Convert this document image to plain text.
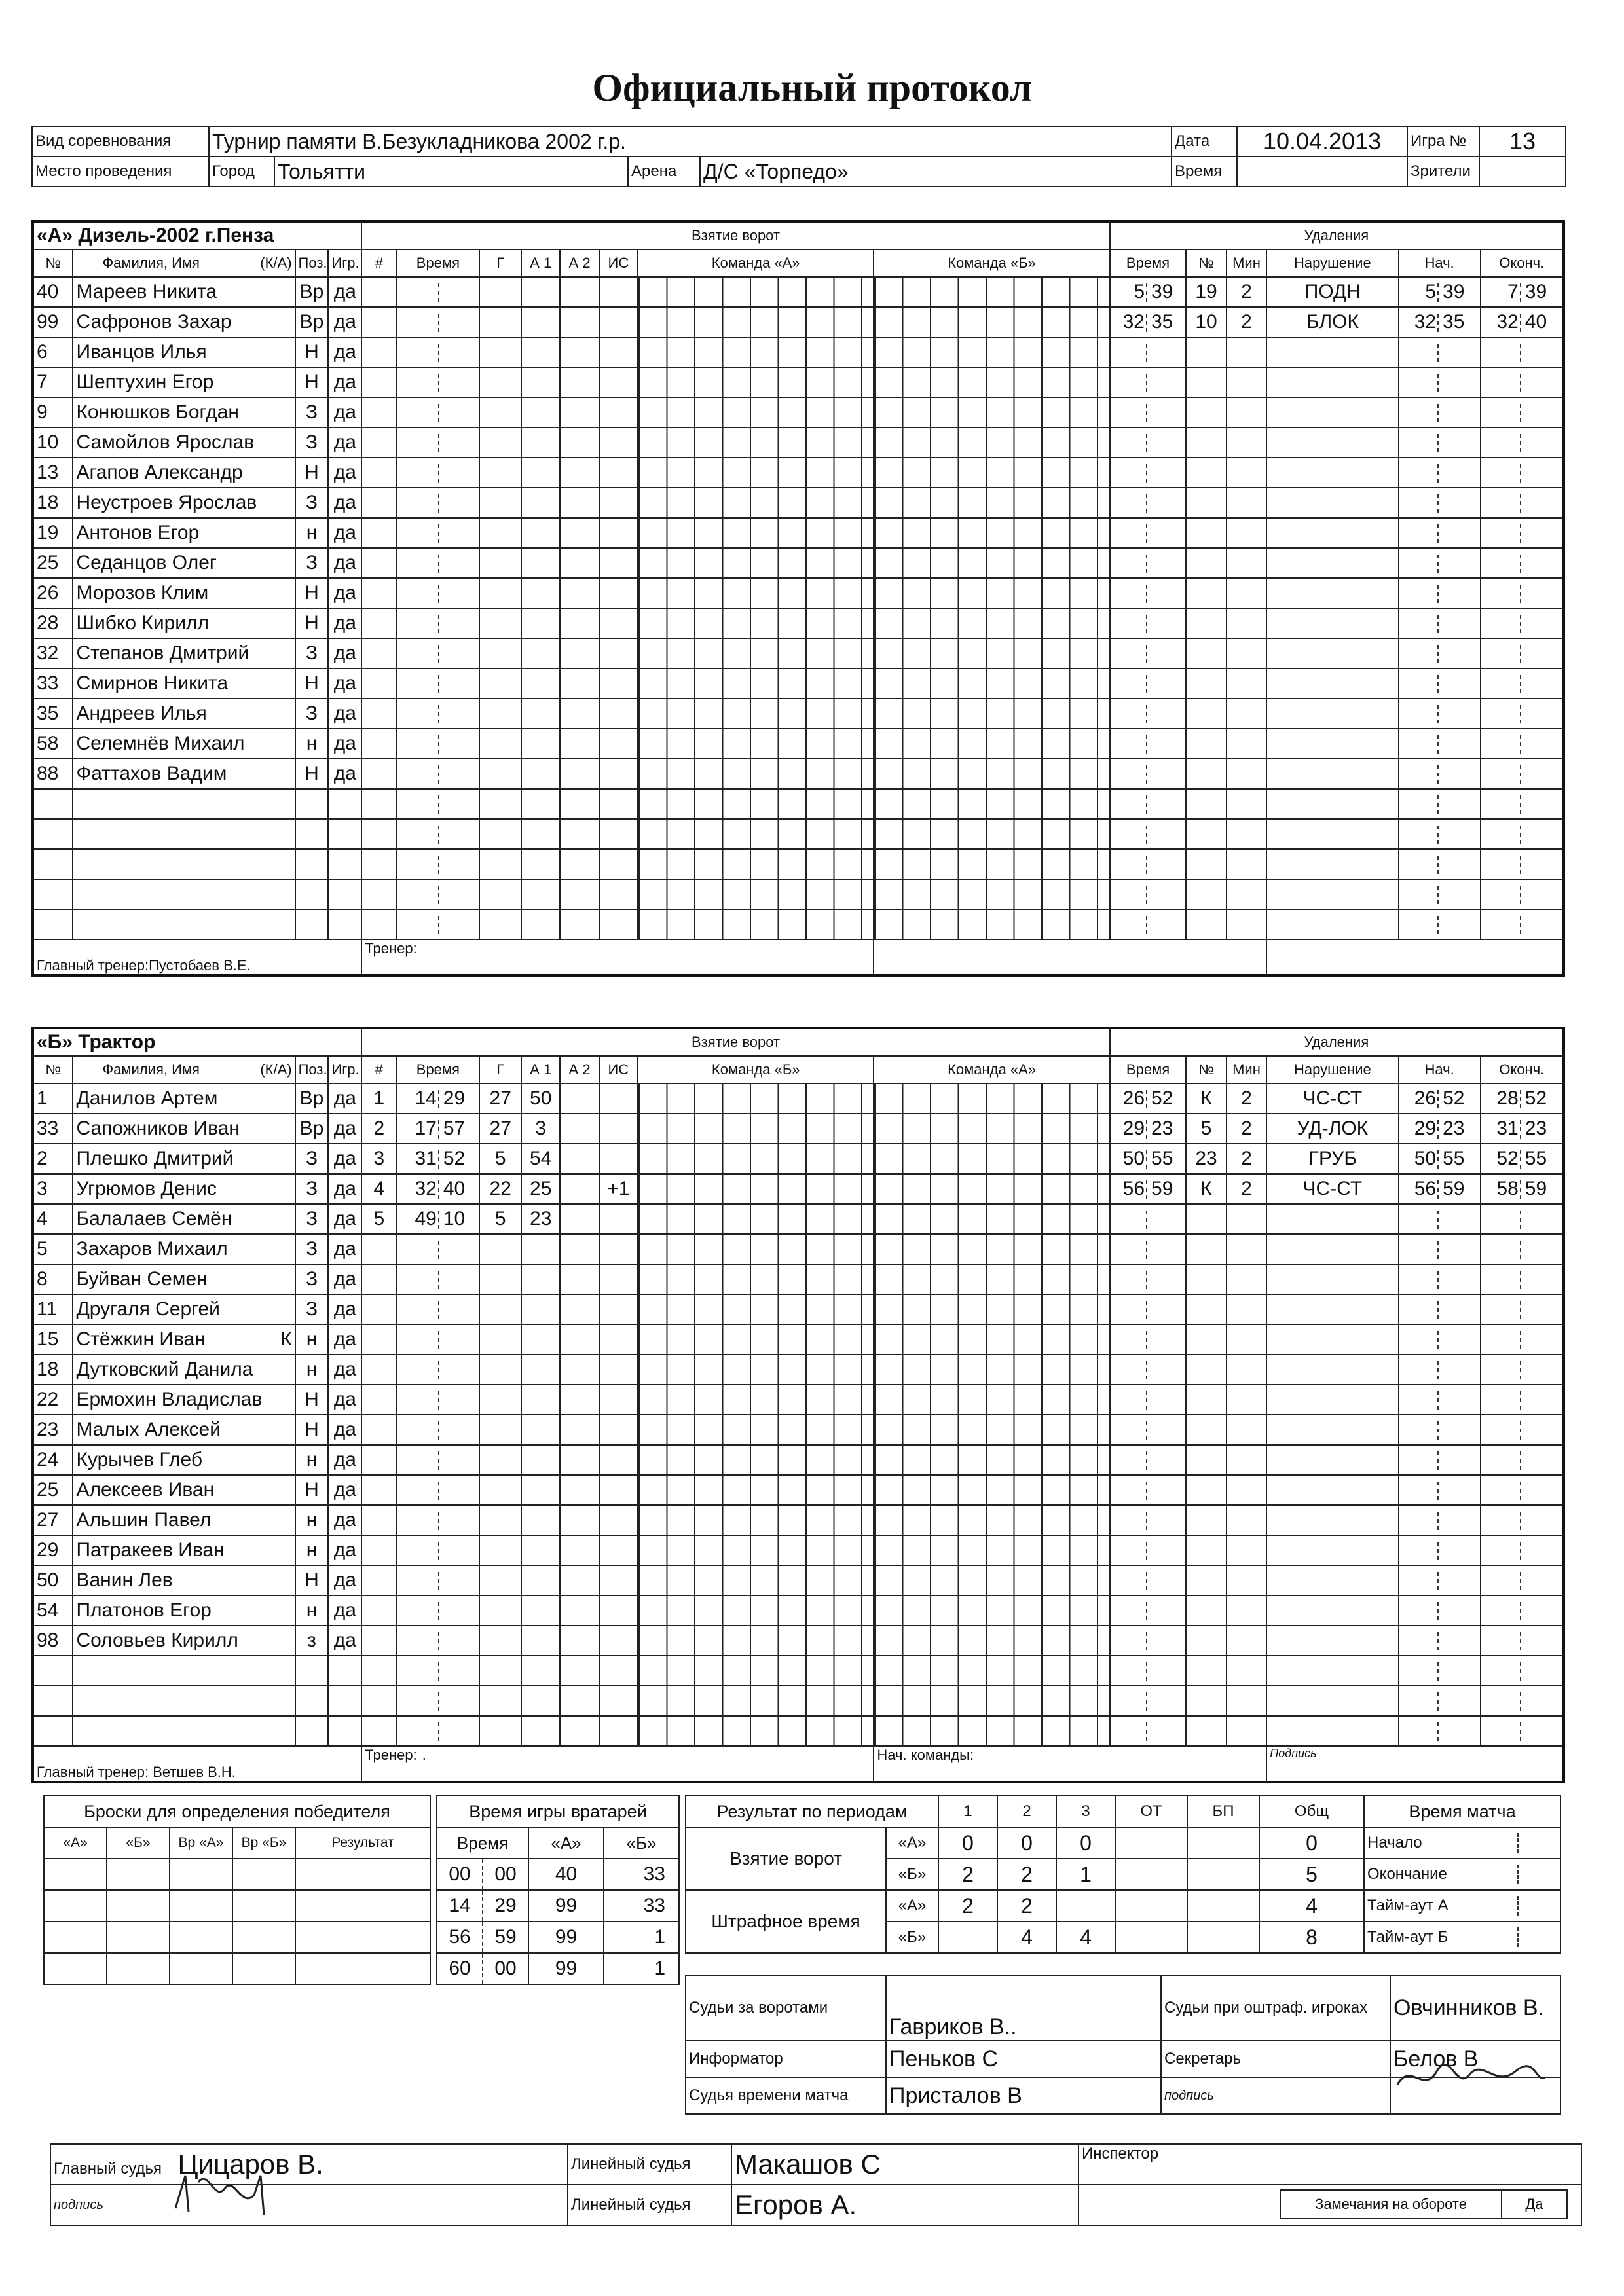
Официальный протокол
Вид соревнования	Турнир памяти В.Безукладникова 2002 г.р.	Дата	10.04.2013	Игра №	13
Место проведения		Город	Тольятти
		Арена	Д/С «Торпедо»
		Время		Зрители	
«А» Дизель-2002 г.Пенза					Взятие ворот								Удаления					
№	Фамилия, Имя (К/А)		Поз.	Игр.	#	Время	Г	А 1	А 2	ИС	Команда «А»	Команда «Б»	Время	№	Мин	Нарушение	Нач.	Оконч.
40	Мареев Никита		Вр	да									5 39	19	2	ПОДН	5 39	7 39
99	Сафронов Захар		Вр	да									32 35	10	2	БЛОК	32 35	32 40
6	Иванцов Илья		Н	да							

7	Шептухин Егор		Н	да							

9	Конюшков Богдан		З	да							

10	Самойлов Ярослав		З	да							

13	Агапов Александр		Н	да							

18	Неустроев Ярослав		З	да							

19	Антонов Егор		н	да							

25	Седанцов Олег		З	да							

26	Морозов Клим		Н	да							

28	Шибко Кирилл		Н	да							

32	Степанов Дмитрий		З	да							

33	Смирнов Никита		Н	да							

35	Андреев Илья		З	да							

58	Селемнёв Михаил		н	да							

88	Фаттахов Вадим		Н	да							

Главный тренер:Пустобаев В.Е.					Тренер:													
«Б» Трактор					Взятие ворот								Удаления					
№	Фамилия, Имя (К/А)		Поз.	Игр.	#	Время	Г	А 1	А 2	ИС	Команда «Б»	Команда «А»	Время	№	Мин	Нарушение	Нач.	Оконч.
1	Данилов Артем		Вр	да	1	14 29	27	50					26 52	К	2	ЧС-СТ	26 52	28 52
33	Сапожников Иван		Вр	да	2	17 57	27	3					29 23	5	2	УД-ЛОК	29 23	31 23
2	Плешко Дмитрий		З	да	3	31 52	5	54					50 55	23	2	ГРУБ	50 55	52 55
3	Угрюмов Денис		З	да	4	32 40	22	25		+1			56 59	К	2	ЧС-СТ	56 59	58 59
4	Балалаев Семён		З	да	5	49 10	5	23			

5	Захаров Михаил		З	да							

8	Буйван Семен		З	да							

11	Другаля Сергей		З	да							

15	Стёжкин Иван	К	н	да							

18	Дутковский Данила		н	да							

22	Ермохин Владислав		Н	да							

23	Малых Алексей		Н	да							

24	Курычев Глеб		н	да							

25	Алексеев Иван		Н	да							

27	Альшин Павел		н	да							

29	Патракеев Иван		н	да							

50	Ванин Лев		Н	да							

54	Платонов Егор		н	да							

98	Соловьев Кирилл		з	да							

Главный тренер: Ветшев В.Н.					Тренер: .							Нач. команды:				Подпись		
Броски для определения победителя				
«А»	«Б»	Вр «А»	Вр «Б»	Результат

Время игры вратарей			
Время		«А»	«Б»
00	00	40	33
14	29	99	33
56	59	99	1
60	00	99	1
Результат по периодам		1	2	3	ОТ	БП	Общ
Взятие ворот	«А»	0	0	0			0
	«Б»	2	2	1			5
Штрафное время	«А»	2	2				4
	«Б»		4	4			8
Время матча	
Начало	
Окончание	
Тайм-аут А	
Тайм-аут Б	
Судьи за воротами	Гавриков В..	Судьи при оштраф. игроках	Овчинников В.
Информатор	Пеньков С	Секретарь	Белов В
Судья времени матча	Присталов В	подпись	
Главный судья Цицаров В.	Линейный судья	Макашов С	Инспектор
подпись	Линейный судья	Егоров А.		Замечания на обороте	Да
